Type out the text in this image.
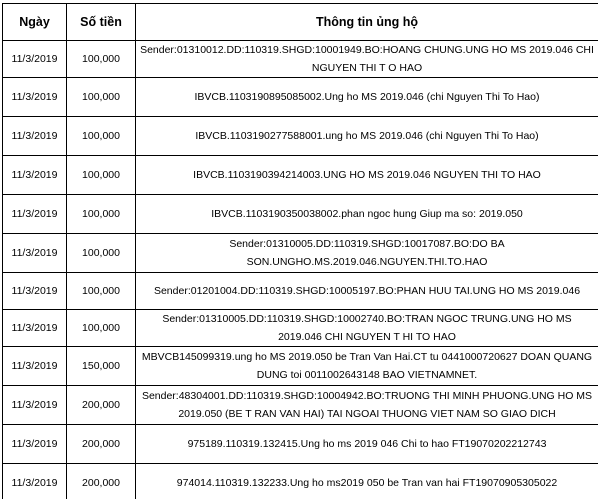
Ngày	Số tiền	Thông tin ủng hộ
11/3/2019	100,000	Sender:01310012.DD:110319.SHGD:10001949.BO:HOANG CHUNG.UNG HO MS 2019.046 CHI NGUYEN THI T O HAO
11/3/2019	100,000	IBVCB.1103190895085002.Ung ho MS 2019.046 (chi Nguyen Thi To Hao)
11/3/2019	100,000	IBVCB.1103190277588001.ung ho MS 2019.046 (chi Nguyen Thi To Hao)
11/3/2019	100,000	IBVCB.1103190394214003.UNG HO MS 2019.046 NGUYEN THI TO HAO
11/3/2019	100,000	IBVCB.1103190350038002.phan ngoc hung Giup ma so: 2019.050
11/3/2019	100,000	Sender:01310005.DD:110319.SHGD:10017087.BO:DO BA SON.UNGHO.MS.2019.046.NGUYEN.THI.TO.HAO
11/3/2019	100,000	Sender:01201004.DD:110319.SHGD:10005197.BO:PHAN HUU TAI.UNG HO MS 2019.046
11/3/2019	100,000	Sender:01310005.DD:110319.SHGD:10002740.BO:TRAN NGOC TRUNG.UNG HO MS 2019.046 CHI NGUYEN T HI TO HAO
11/3/2019	150,000	MBVCB145099319.ung ho MS 2019.050 be Tran Van Hai.CT tu 0441000720627 DOAN QUANG DUNG toi 0011002643148 BAO VIETNAMNET.
11/3/2019	200,000	Sender:48304001.DD:110319.SHGD:10004942.BO:TRUONG THI MINH PHUONG.UNG HO MS 2019.050 (BE T RAN VAN HAI) TAI NGOAI THUONG VIET NAM SO GIAO DICH
11/3/2019	200,000	975189.110319.132415.Ung ho ms 2019 046 Chi to hao FT19070202212743
11/3/2019	200,000	974014.110319.132233.Ung ho ms2019 050 be Tran van hai FT19070905305022
